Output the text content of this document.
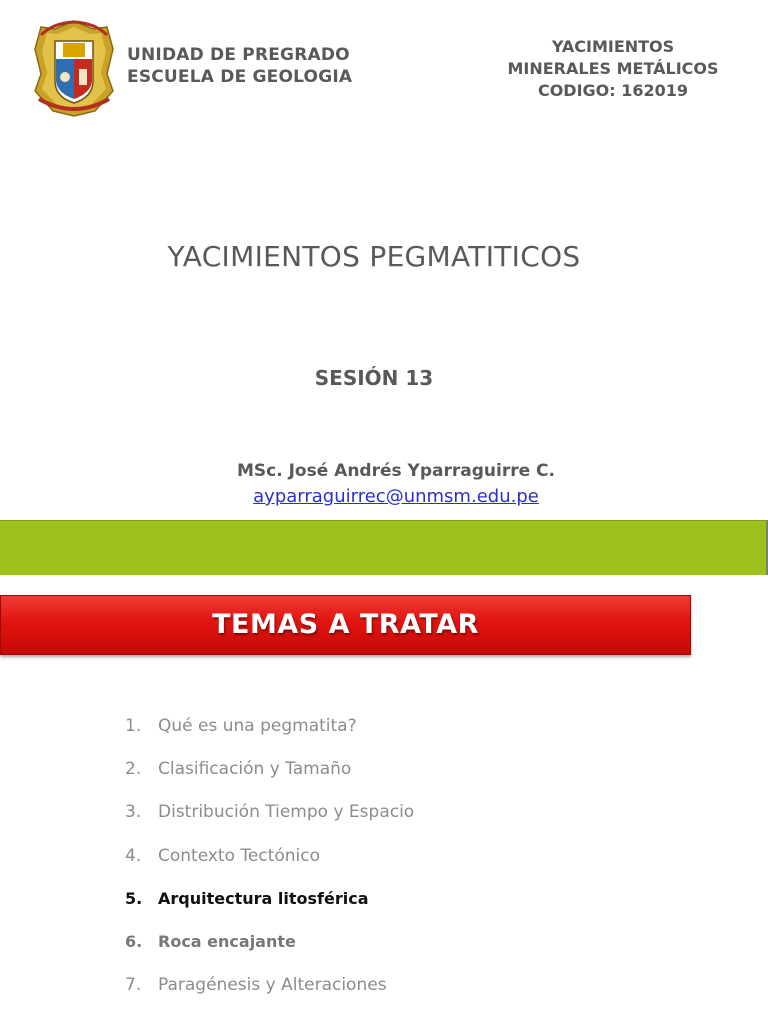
UNIDAD DE PREGRADO
ESCUELA DE GEOLOGIA
YACIMIENTOS
MINERALES METÁLICOS
CODIGO: 162019
YACIMIENTOS PEGMATITICOS
SESIÓN 13
MSc. José Andrés Yparraguirre C.
ayparraguirrec@unmsm.edu.pe
TEMAS A TRATAR
1. Qué es una pegmatita?
2. Clasificación y Tamaño
3. Distribución Tiempo y Espacio
4. Contexto Tectónico
5. Arquitectura litosférica
6. Roca encajante
7. Paragénesis y Alteraciones
